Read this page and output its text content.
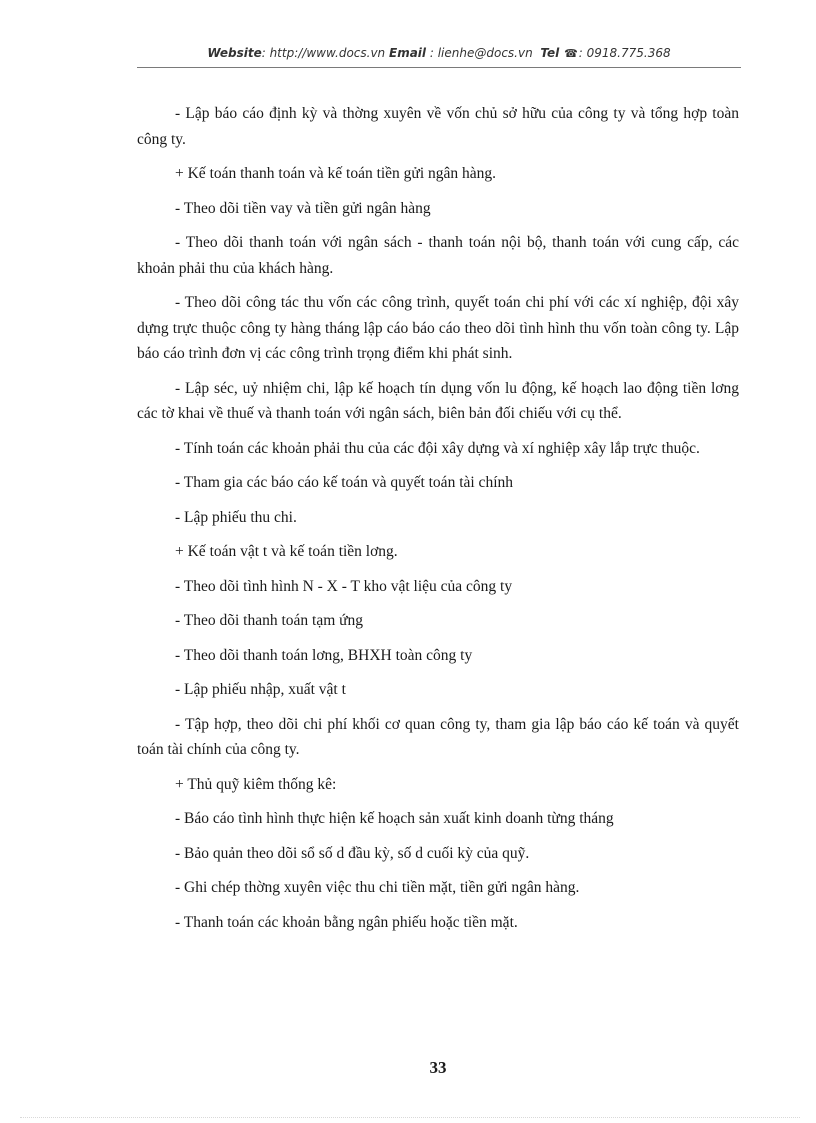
Website: http://www.docs.vn Email : lienhe@docs.vn Tel ☎: 0918.775.368

- Lập báo cáo định kỳ và thờng xuyên về vốn chủ sở hữu của công ty và tổng hợp toàn công ty.

+ Kế toán thanh toán và kế toán tiền gửi ngân hàng.

- Theo dõi tiền vay và tiền gửi ngân hàng

- Theo dõi thanh toán với ngân sách - thanh toán nội bộ, thanh toán với cung cấp, các khoản phải thu của khách hàng.

- Theo dõi công tác thu vốn các công trình, quyết toán chi phí với các xí nghiệp, đội xây dựng trực thuộc công ty hàng tháng lập cáo báo cáo theo dõi tình hình thu vốn toàn công ty. Lập báo cáo trình đơn vị các công trình trọng điểm khi phát sinh.

- Lập séc, uỷ nhiệm chi, lập kế hoạch tín dụng vốn lu động, kế hoạch lao động tiền lơng các tờ khai về thuế và thanh toán với ngân sách, biên bản đối chiếu với cụ thể.

- Tính toán các khoản phải thu của các đội xây dựng và xí nghiệp xây lắp trực thuộc.

- Tham gia các báo cáo kế toán và quyết toán tài chính

- Lập phiếu thu chi.

+ Kế toán vật t và kế toán tiền lơng.

- Theo dõi tình hình N - X - T kho vật liệu của công ty

- Theo dõi thanh toán tạm ứng

- Theo dõi thanh toán lơng, BHXH toàn công ty

- Lập phiếu nhập, xuất vật t

- Tập hợp, theo dõi chi phí khối cơ quan công ty, tham gia lập báo cáo kế toán và quyết toán tài chính của công ty.

+ Thủ quỹ kiêm thống kê:

- Báo cáo tình hình thực hiện kế hoạch sản xuất kinh doanh từng tháng

- Bảo quản theo dõi sổ số d đầu kỳ, số d cuối kỳ của quỹ.

- Ghi chép thờng xuyên việc thu chi tiền mặt, tiền gửi ngân hàng.

- Thanh toán các khoản bằng ngân phiếu hoặc tiền mặt.

33
